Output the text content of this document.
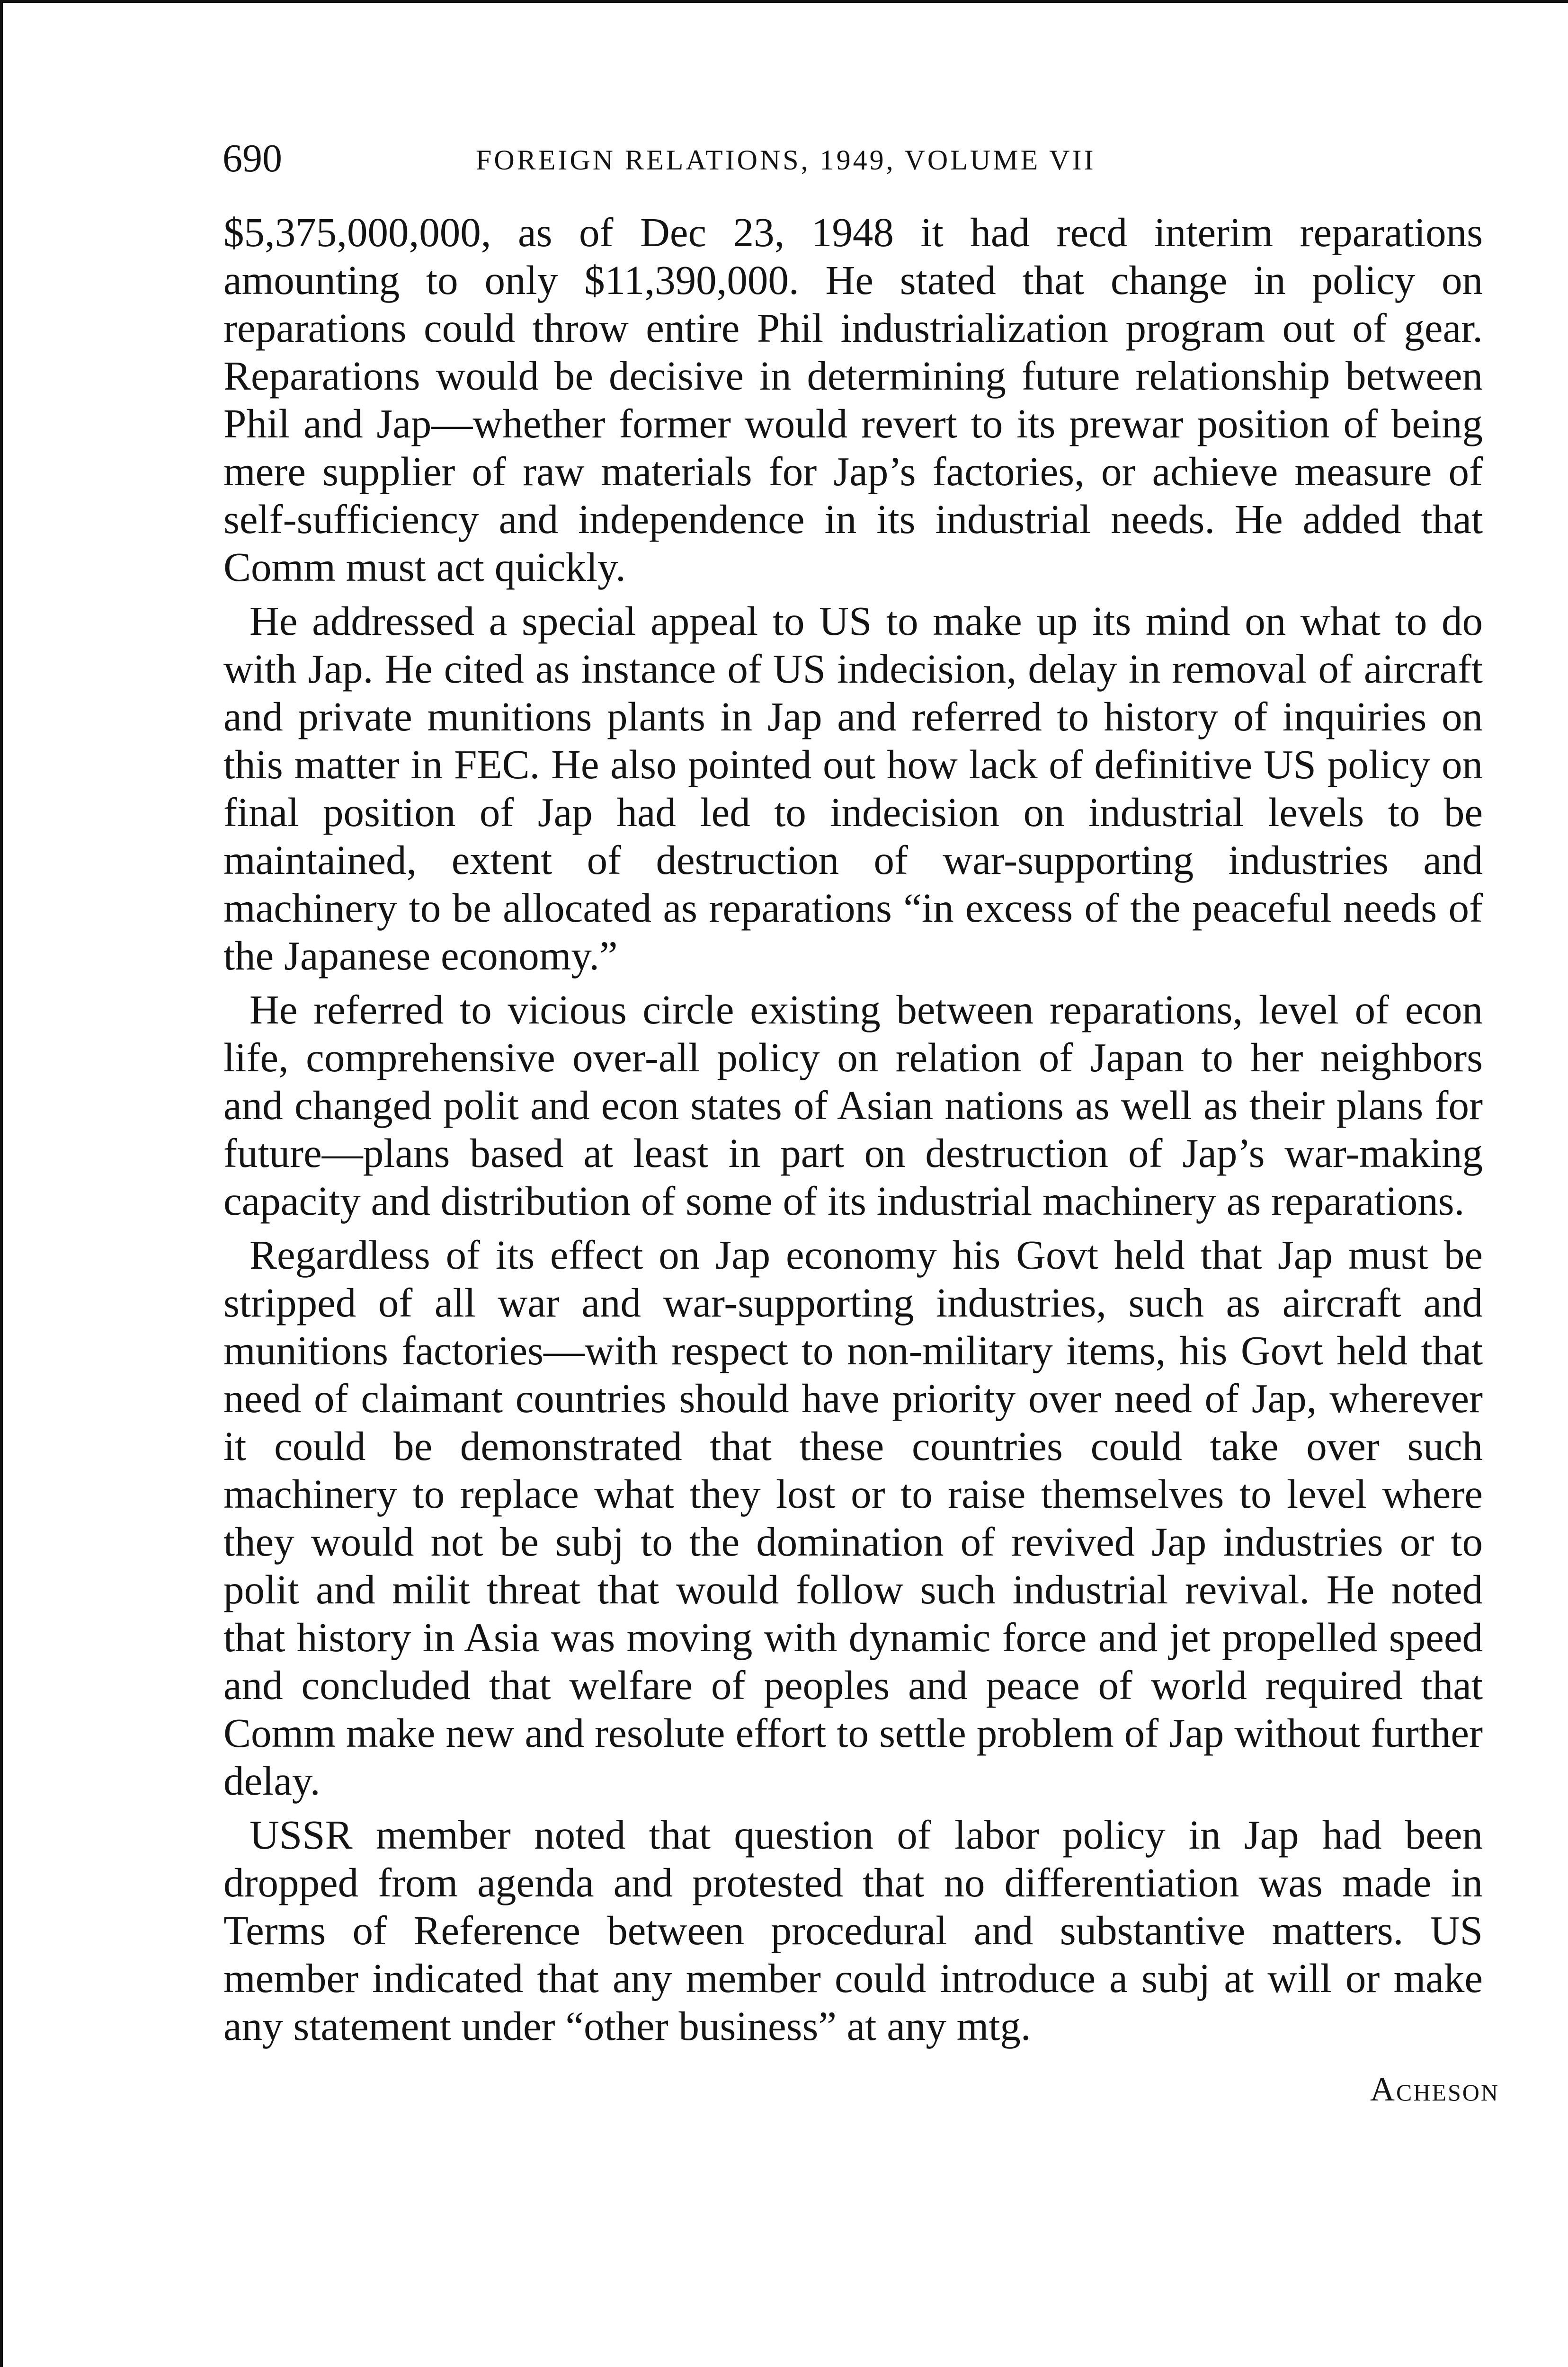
690	FOREIGN RELATIONS, 1949, VOLUME VII

$5,375,000,000, as of Dec 23, 1948 it had recd interim reparations amounting to only $11,390,000. He stated that change in policy on reparations could throw entire Phil industrialization program out of gear. Reparations would be decisive in determining future relationship between Phil and Jap—whether former would revert to its prewar position of being mere supplier of raw materials for Jap’s factories, or achieve measure of self-sufficiency and independence in its industrial needs. He added that Comm must act quickly.

He addressed a special appeal to US to make up its mind on what to do with Jap. He cited as instance of US indecision, delay in removal of aircraft and private munitions plants in Jap and referred to history of inquiries on this matter in FEC. He also pointed out how lack of definitive US policy on final position of Jap had led to indecision on industrial levels to be maintained, extent of destruction of war-supporting industries and machinery to be allocated as reparations “in excess of the peaceful needs of the Japanese economy.”

He referred to vicious circle existing between reparations, level of econ life, comprehensive over-all policy on relation of Japan to her neighbors and changed polit and econ states of Asian nations as well as their plans for future—plans based at least in part on destruction of Jap’s war-making capacity and distribution of some of its industrial machinery as reparations.

Regardless of its effect on Jap economy his Govt held that Jap must be stripped of all war and war-supporting industries, such as aircraft and munitions factories—with respect to non-military items, his Govt held that need of claimant countries should have priority over need of Jap, wherever it could be demonstrated that these countries could take over such machinery to replace what they lost or to raise themselves to level where they would not be subj to the domination of revived Jap industries or to polit and milit threat that would follow such industrial revival. He noted that history in Asia was moving with dynamic force and jet propelled speed and concluded that welfare of peoples and peace of world required that Comm make new and resolute effort to settle problem of Jap without further delay.

USSR member noted that question of labor policy in Jap had been dropped from agenda and protested that no differentiation was made in Terms of Reference between procedural and substantive matters. US member indicated that any member could introduce a subj at will or make any statement under “other business” at any mtg.

Acheson
